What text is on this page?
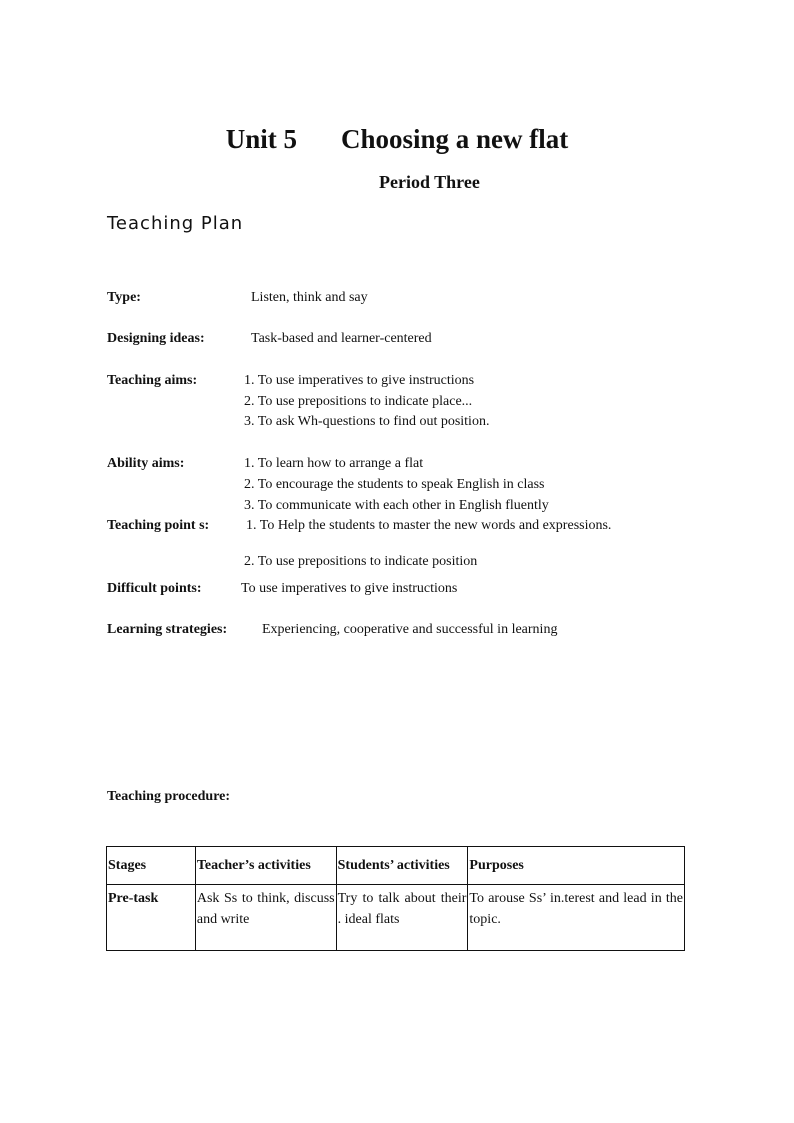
Unit 5 Choosing a new flat
Period Three
Teaching Plan
Type:	Listen, think and say
Designing ideas:	Task-based and learner-centered
Teaching aims:	1. To use imperatives to give instructions
2. To use prepositions to indicate place...
3. To ask Wh-questions to find out position.
Ability aims:	1. To learn how to arrange a flat
2. To encourage the students to speak English in class
3. To communicate with each other in English fluently
Teaching point s:	1. To Help the students to master the new words and expressions.
2. To use prepositions to indicate position
Difficult points:	To use imperatives to give instructions
Learning strategies: Experiencing, cooperative and successful in learning
Teaching procedure:
Stages	Teacher’s activities	Students’ activities	Purposes
Pre-task	Ask Ss to think, discuss and write	Try to talk about their . ideal flats	To arouse Ss’ in.terest and lead in the topic.
